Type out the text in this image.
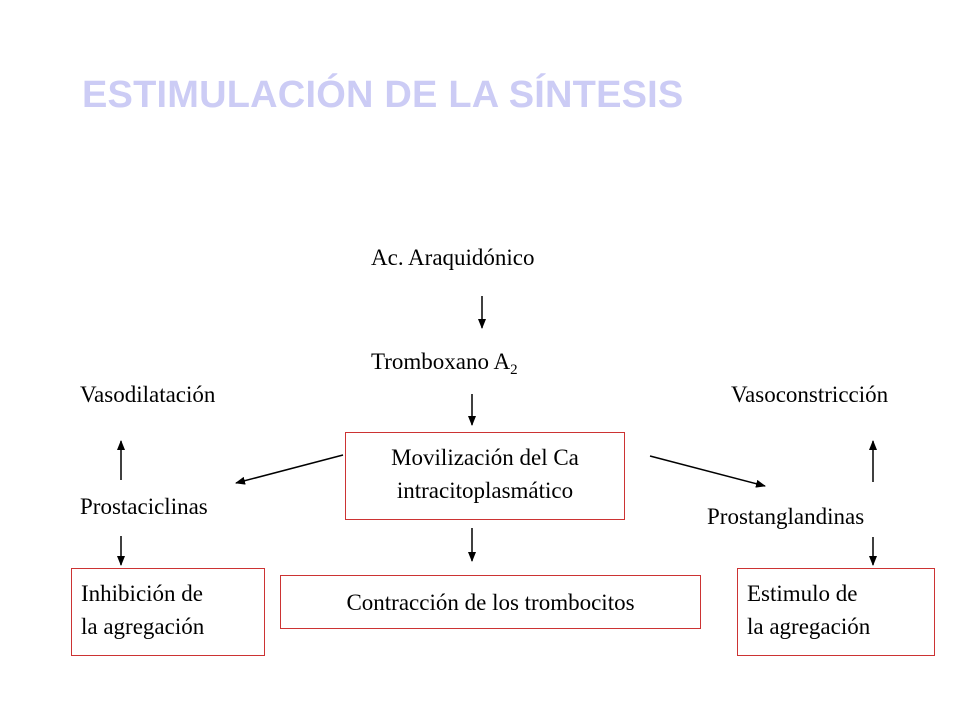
ESTIMULACIÓN DE LA SÍNTESIS
Ac. Araquidónico
Tromboxano $A_2$
Vasodilatación	Vasoconstricción
Movilización del Ca
intracitoplasmático
Prostaciclinas	Prostanglandinas
Inhibición de
la agregación
Contracción de los trombocitos	Estimulo de
la agregación
